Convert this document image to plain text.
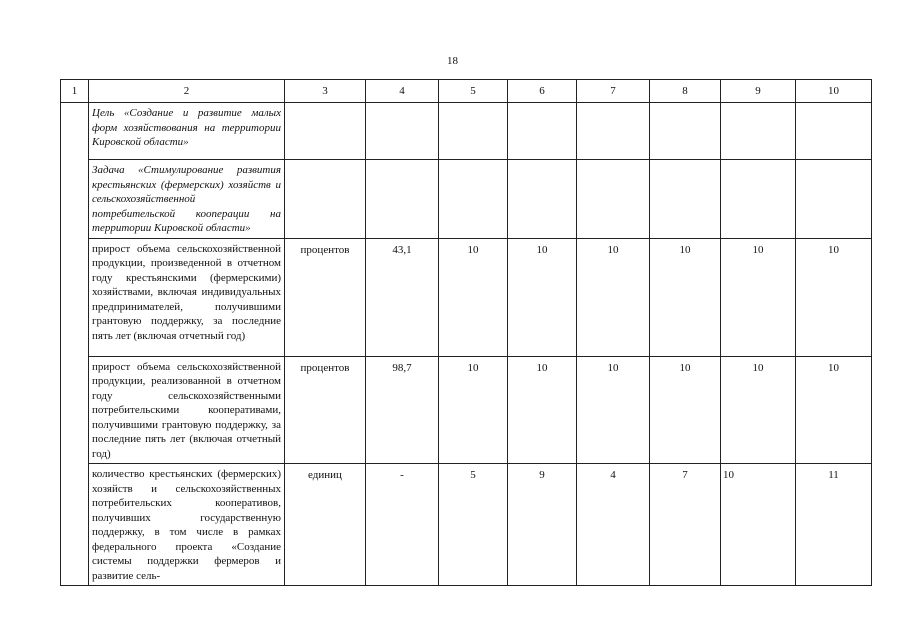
18
1	2	3	4	5	6	7	8	9	10

	Цель «Создание и развитие малых форм хозяйствования на территории Кировской области»								

	Задача «Стимулирование развития крестьянских (фермерских) хозяйств и сельскохозяйственной потребительской кооперации на территории Кировской области»								

	прирост объема сельскохозяйственной продукции, произведенной в отчетном году крестьянскими (фермерскими) хозяйствами, включая индивидуальных предпринимателей, получившими грантовую поддержку, за последние пять лет (включая отчетный год)	процентов	43,1	10	10	10	10	10	10

	прирост объема сельскохозяйственной продукции, реализованной в отчетном году сельскохозяйственными потребительскими кооперативами, получившими грантовую поддержку, за последние пять лет (включая отчетный год)	процентов	98,7	10	10	10	10	10	10

	количество крестьянских (фермерских) хозяйств и сельскохозяйственных потребительских кооперативов, получивших государственную поддержку, в том числе в рамках федерального проекта «Создание системы поддержки фермеров и развитие сель-	единиц	-	5	9	4	7	10	11
